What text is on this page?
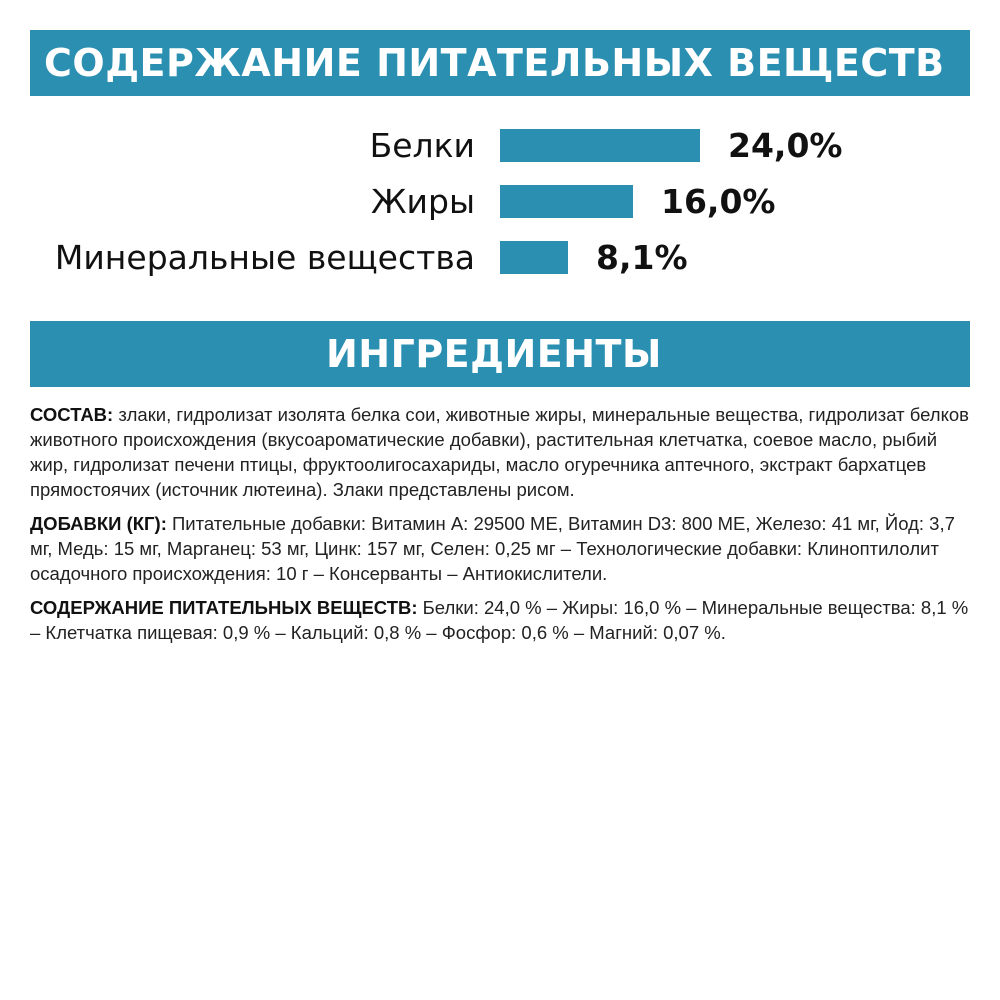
СОДЕРЖАНИЕ ПИТАТЕЛЬНЫХ ВЕЩЕСТВ
Белки	24,0%
Жиры	16,0%
Минеральные вещества	8,1%
ИНГРЕДИЕНТЫ

СОСТАВ: злаки, гидролизат изолята белка сои, животные жиры, минеральные вещества, гидролизат белков животного происхождения (вкусоароматические добавки), растительная клетчатка, соевое масло, рыбий жир, гидролизат печени птицы, фруктоолигосахариды, масло огуречника аптечного, экстракт бархатцев прямостоячих (источник лютеина). Злаки представлены рисом.

ДОБАВКИ (КГ): Питательные добавки: Витамин A: 29500 МЕ, Витамин D3: 800 МЕ, Железо: 41 мг, Йод: 3,7 мг, Медь: 15 мг, Марганец: 53 мг, Цинк: 157 мг, Селен: 0,25 мг – Технологические добавки: Клиноптилолит осадочного происхождения: 10 г – Консерванты – Антиокислители.

СОДЕРЖАНИЕ ПИТАТЕЛЬНЫХ ВЕЩЕСТВ: Белки: 24,0 % – Жиры: 16,0 % – Минеральные вещества: 8,1 % – Клетчатка пищевая: 0,9 % – Кальций: 0,8 % – Фосфор: 0,6 % – Магний: 0,07 %.
